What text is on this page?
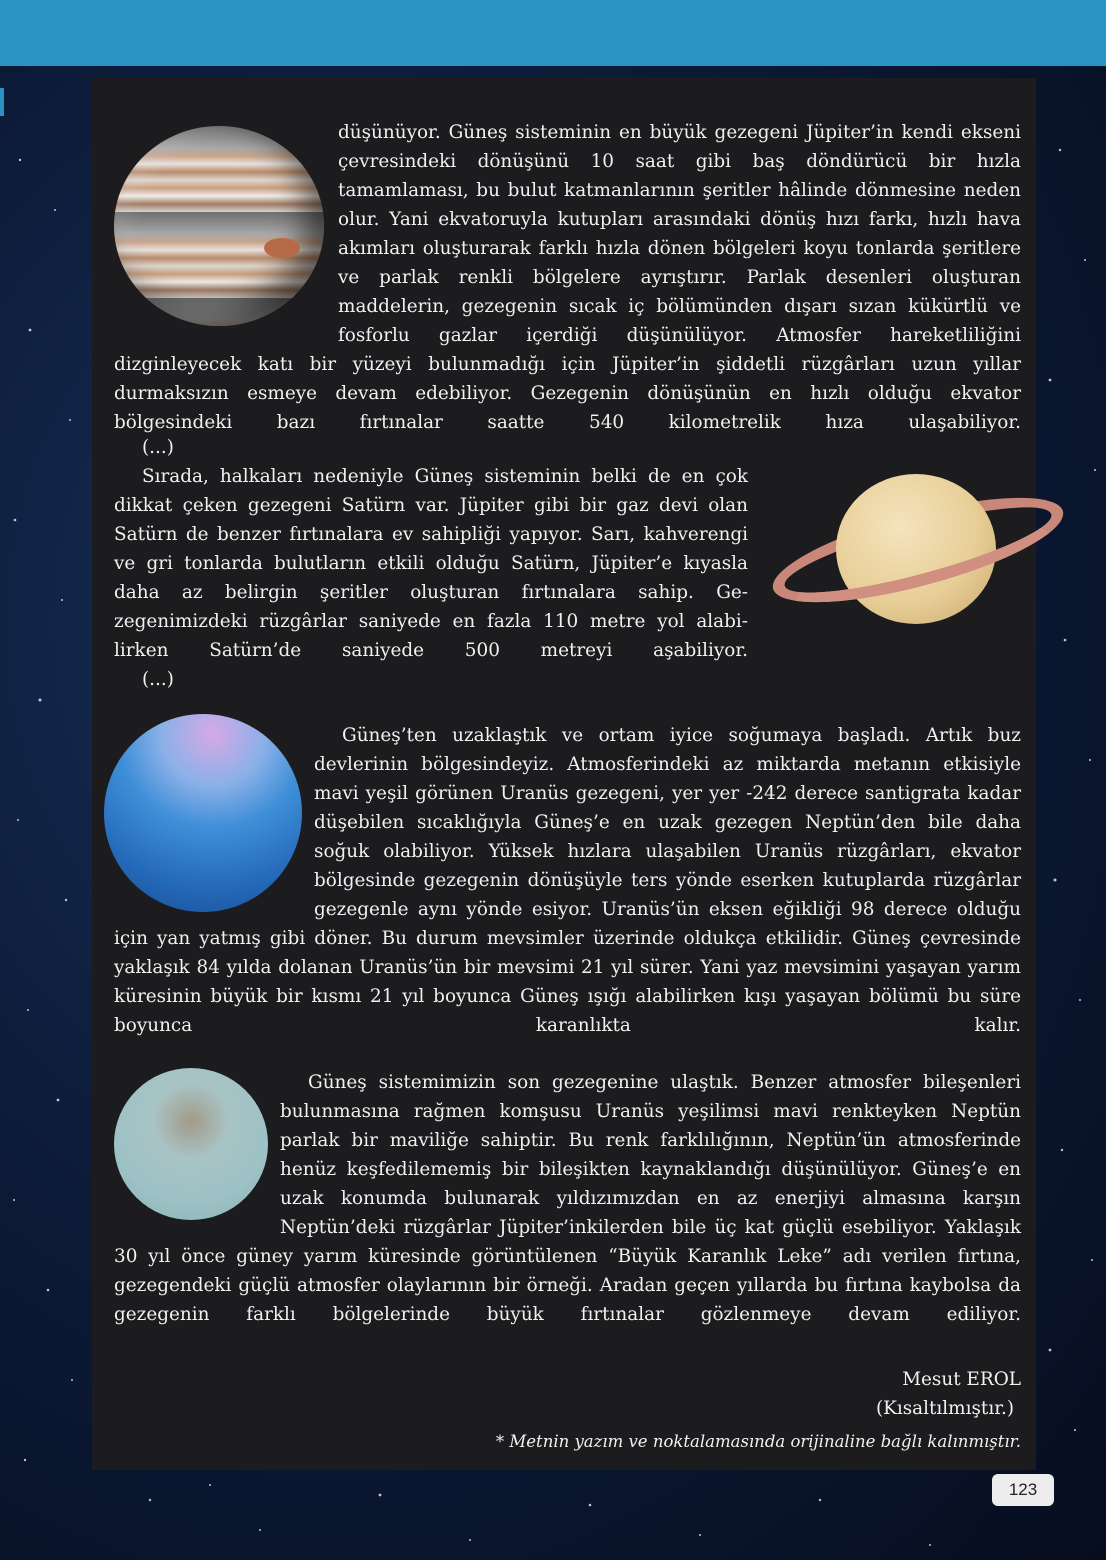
düşünüyor. Güneş sisteminin en büyük gezegeni Jüpiter’in kendi ekseni çevresindeki dönüşünü 10 saat gibi baş döndürücü bir hızla tamamlaması, bu bulut katmanlarının şeritler hâlinde dönmesine neden olur. Yani ekvatoruyla kutupları arasındaki dönüş hızı farkı, hızlı hava akımları oluşturarak farklı hızla dönen bölgeleri koyu tonlarda şeritlere ve parlak renkli bölgelere ayrıştırır. Parlak desenleri oluşturan maddelerin, gezegenin sıcak iç bölümünden dışarı sızan kükürtlü ve fosforlu gazlar içerdiği düşünülüyor. Atmosfer hareketliliğini dizginleyecek katı bir yüzeyi bulunmadığı için Jüpiter’in şiddetli rüzgârları uzun yıllar durmaksızın esmeye devam edebiliyor. Gezegenin dönüşünün en hızlı olduğu ekvator bölgesindeki bazı fırtınalar saatte 540 kilometrelik hıza ulaşabiliyor.

(...)

Sırada, halkaları nedeniyle Güneş sisteminin belki de en çok dikkat çeken gezegeni Satürn var. Jüpiter gibi bir gaz devi olan Satürn de benzer fırtınalara ev sahipliği yapıyor. Sarı, kahverengi ve gri tonlarda bulutların etkili olduğu Satürn, Jüpiter’e kıyasla daha az belirgin şeritler oluşturan fırtınalara sahip. Gezegenimizdeki rüzgârlar saniyede en fazla 110 metre yol alabilirken Satürn’de saniyede 500 metreyi aşabiliyor.

(...)

Güneş’ten uzaklaştık ve ortam iyice soğumaya başladı. Artık buz devlerinin bölgesindeyiz. Atmosferindeki az miktarda metanın etkisiyle mavi yeşil görünen Uranüs gezegeni, yer yer -242 derece santigrata kadar düşebilen sıcaklığıyla Güneş’e en uzak gezegen Neptün’den bile daha soğuk olabiliyor. Yüksek hızlara ulaşabilen Uranüs rüzgârları, ekvator bölgesinde gezegenin dönüşüyle ters yönde eserken kutuplarda rüzgârlar gezegenle aynı yönde esiyor. Uranüs’ün eksen eğikliği 98 derece olduğu için yan yatmış gibi döner. Bu durum mevsimler üzerinde oldukça etkilidir. Güneş çevresinde yaklaşık 84 yılda dolanan Uranüs’ün bir mevsimi 21 yıl sürer. Yani yaz mevsimini yaşayan yarım küresinin büyük bir kısmı 21 yıl boyunca Güneş ışığı alabilirken kışı yaşayan bölümü bu süre boyunca karanlıkta kalır.

Güneş sistemimizin son gezegenine ulaştık. Benzer atmosfer bileşenleri bulunmasına rağmen komşusu Uranüs yeşilimsi mavi renkteyken Neptün parlak bir maviliğe sahiptir. Bu renk farklılığının, Neptün’ün atmosferinde henüz keşfedilememiş bir bileşikten kaynaklandığı düşünülüyor. Güneş’e en uzak konumda bulunarak yıldızımızdan en az enerjiyi almasına karşın Neptün’deki rüzgârlar Jüpiter’inkilerden bile üç kat güçlü esebiliyor. Yaklaşık 30 yıl önce güney yarım küresinde görüntülenen “Büyük Karanlık Leke” adı verilen fırtına, gezegendeki güçlü atmosfer olaylarının bir örneği. Aradan geçen yıllarda bu fırtına kaybolsa da gezegenin farklı bölgelerinde büyük fırtınalar gözlenmeye devam ediliyor.

Mesut EROL

(Kısaltılmıştır.)

* Metnin yazım ve noktalamasında orijinaline bağlı kalınmıştır.

123
